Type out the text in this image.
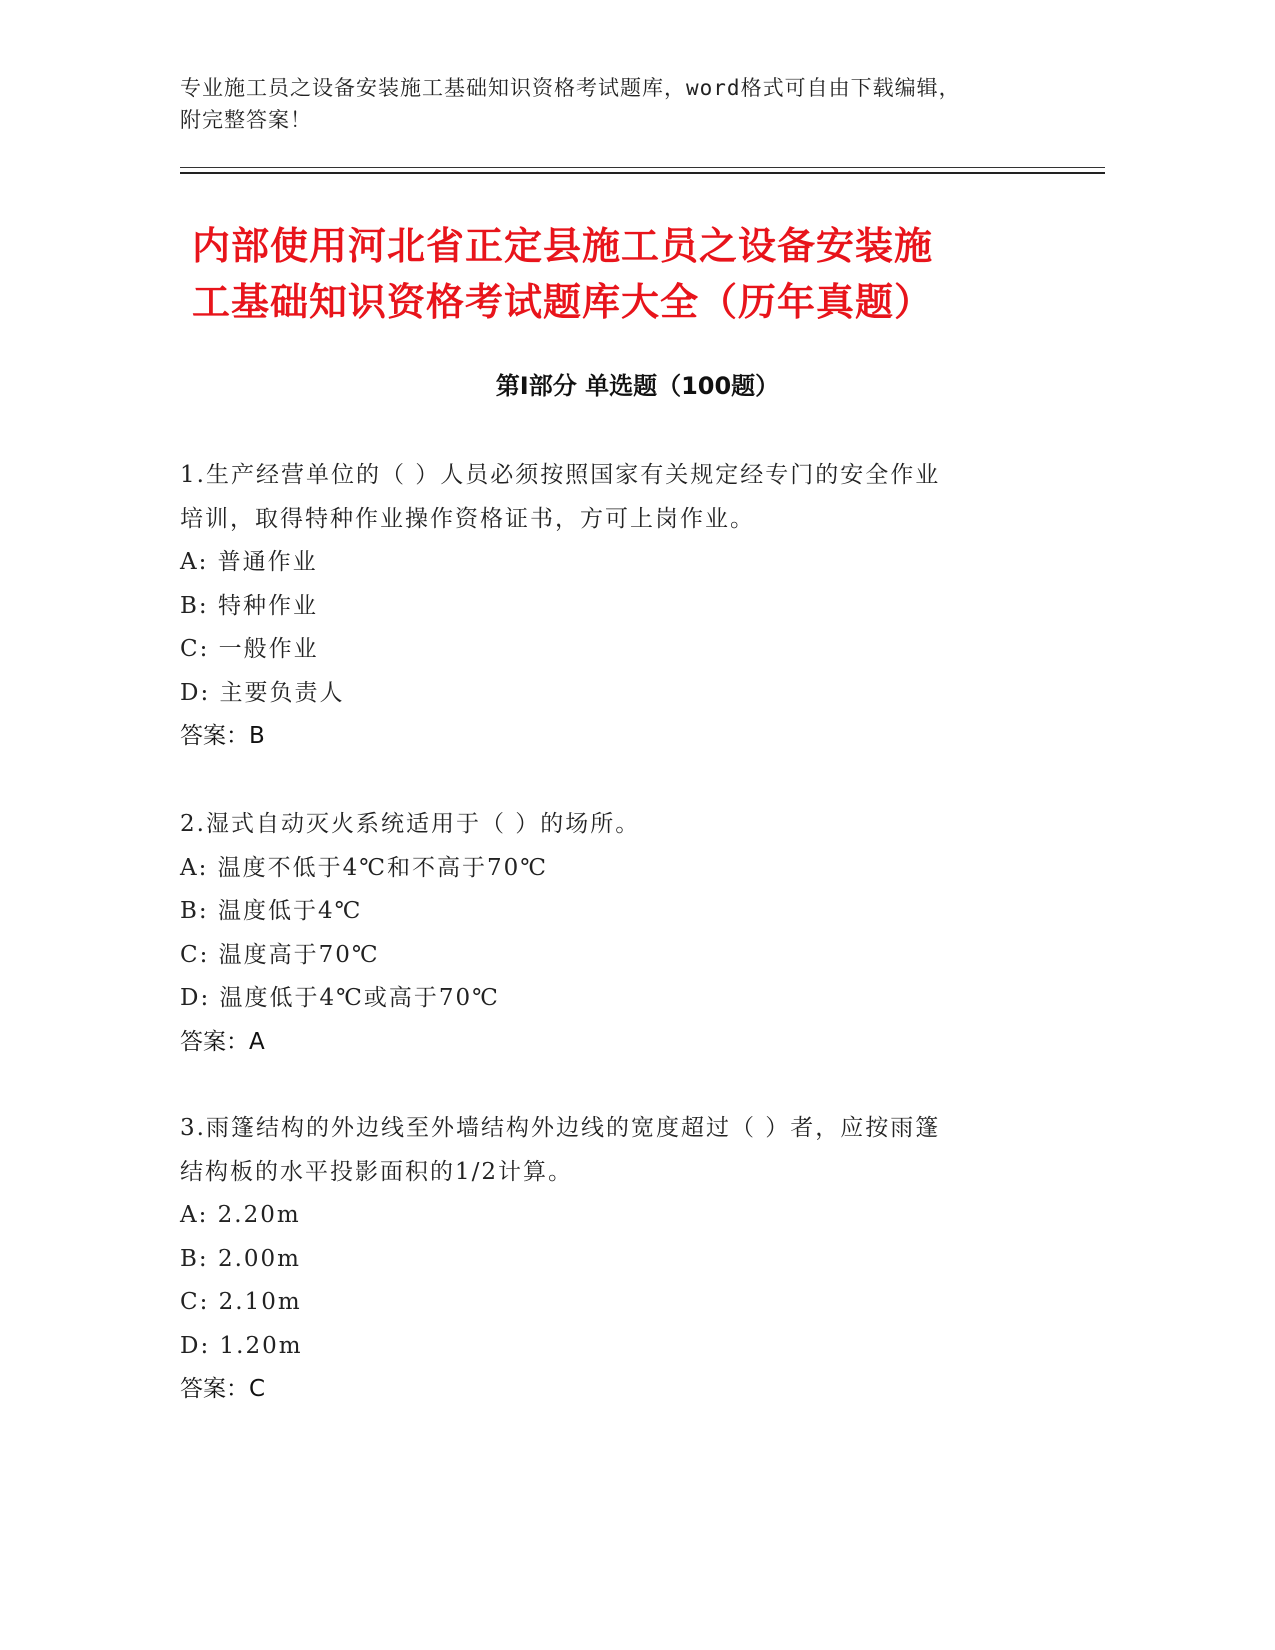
专业施工员之设备安装施工基础知识资格考试题库，word格式可自由下载编辑，
附完整答案！
内部使用河北省正定县施工员之设备安装施
工基础知识资格考试题库大全（历年真题）
第Ⅰ部分 单选题（100题）

1.生产经营单位的（ ）人员必须按照国家有关规定经专门的安全作业
培训，取得特种作业操作资格证书，方可上岗作业。

A: 普通作业

B: 特种作业

C: 一般作业

D: 主要负责人

答案：B

2.湿式自动灭火系统适用于（ ）的场所。

A: 温度不低于4℃和不高于70℃

B: 温度低于4℃

C: 温度高于70℃

D: 温度低于4℃或高于70℃

答案：A

3.雨篷结构的外边线至外墙结构外边线的宽度超过（ ）者，应按雨篷
结构板的水平投影面积的1/2计算。

A: 2.20m

B: 2.00m

C: 2.10m

D: 1.20m

答案：C
